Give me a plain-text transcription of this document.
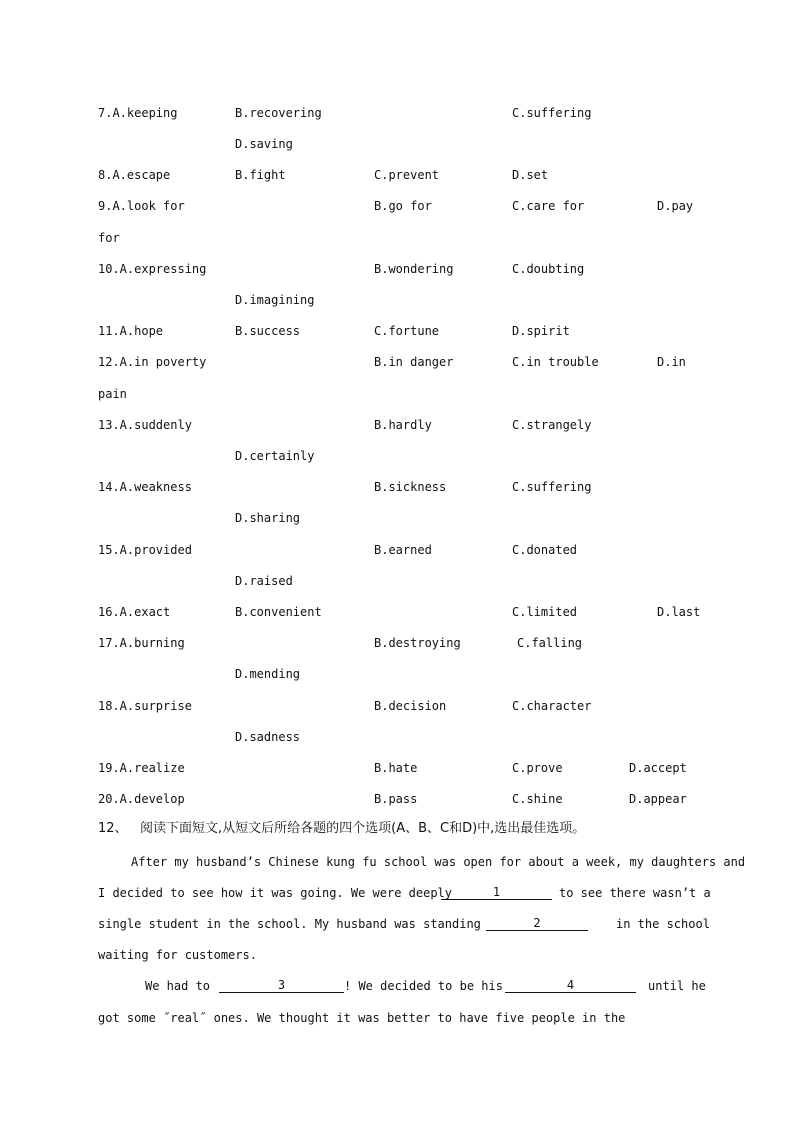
7.A.keeping	B.recovering	C.suffering
D.saving
8.A.escape	B.fight	C.prevent	D.set
9.A.look for	B.go for	C.care for	D.pay
for
10.A.expressing	B.wondering	C.doubting
D.imagining
11.A.hope	B.success	C.fortune	D.spirit
12.A.in poverty	B.in danger	C.in trouble	D.in
pain
13.A.suddenly	B.hardly	C.strangely
D.certainly
14.A.weakness	B.sickness	C.suffering
D.sharing
15.A.provided	B.earned	C.donated
D.raised
16.A.exact	B.convenient	C.limited	D.last
17.A.burning	B.destroying	C.falling
D.mending
18.A.surprise	B.decision	C.character
D.sadness
19.A.realize	B.hate	C.prove	D.accept
20.A.develop	B.pass	C.shine	D.appear
12、 阅读下面短文,从短文后所给各题的四个选项(A、B、C和D)中,选出最佳选项。
After my husband’s Chinese kung fu school was open for about a week, my daughters and
I decided to see how it was going. We were deeply	1	to see there wasn’t a
single student in the school. My husband was standing	2	in the school
waiting for customers.
We had to	3	! We decided to be his	4	until he
got some ˝real˝ ones. We thought it was better to have five people in the
